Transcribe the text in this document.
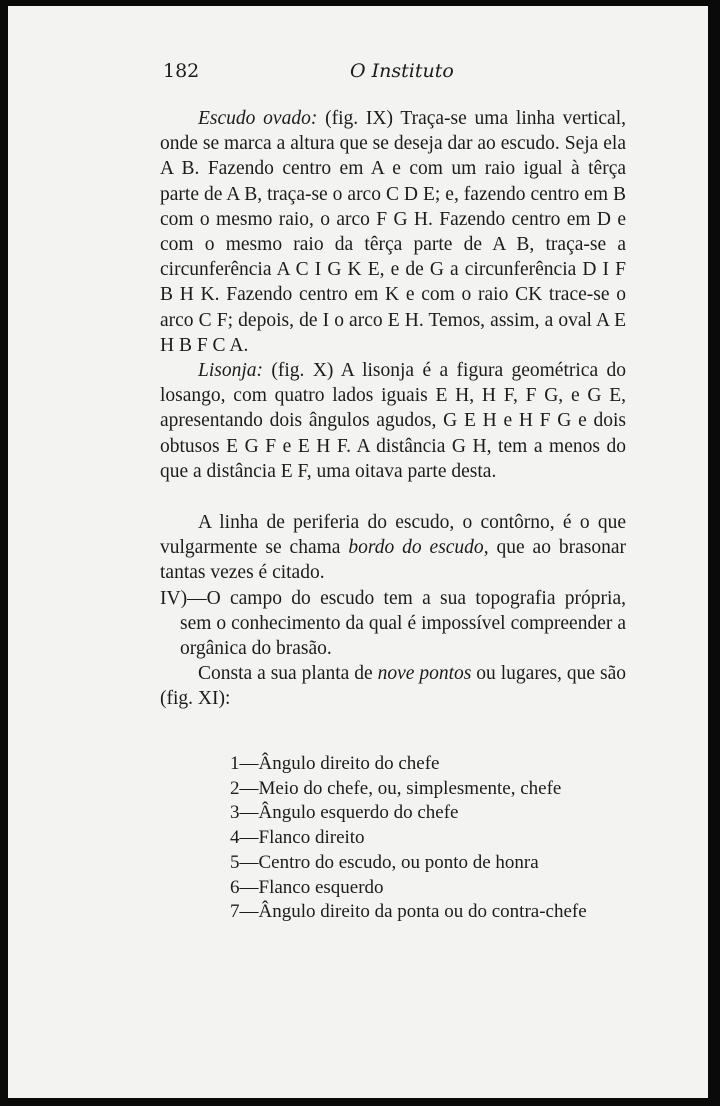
182	O Instituto

Escudo ovado: (fig. IX) Traça-se uma linha vertical, onde se marca a altura que se deseja dar ao escudo. Seja ela A B. Fazendo centro em A e com um raio igual à têrça parte de A B, traça-se o arco C D E; e, fazendo centro em B com o mesmo raio, o arco F G H. Fazendo centro em D e com o mesmo raio da têrça parte de A B, traça-se a circunferência A C I G K E, e de G a circunferência D I F B H K. Fazendo centro em K e com o raio CK trace-se o arco C F; depois, de I o arco E H. Temos, assim, a oval A E H B F C A.

Lisonja: (fig. X) A lisonja é a figura geométrica do losango, com quatro lados iguais E H, H F, F G, e G E, apresentando dois ângulos agudos, G E H e H F G e dois obtusos E G F e E H F. A distância G H, tem a menos do que a distância E F, uma oitava parte desta.

A linha de periferia do escudo, o contôrno, é o que vulgarmente se chama bordo do escudo, que ao brasonar tantas vezes é citado.

IV)—O campo do escudo tem a sua topografia própria, sem o conhecimento da qual é impossível compreender a orgânica do brasão.

Consta a sua planta de nove pontos ou lugares, que são (fig. XI):

1—Ângulo direito do chefe
2—Meio do chefe, ou, simplesmente, chefe
3—Ângulo esquerdo do chefe
4—Flanco direito
5—Centro do escudo, ou ponto de honra
6—Flanco esquerdo
7—Ângulo direito da ponta ou do contra-chefe
